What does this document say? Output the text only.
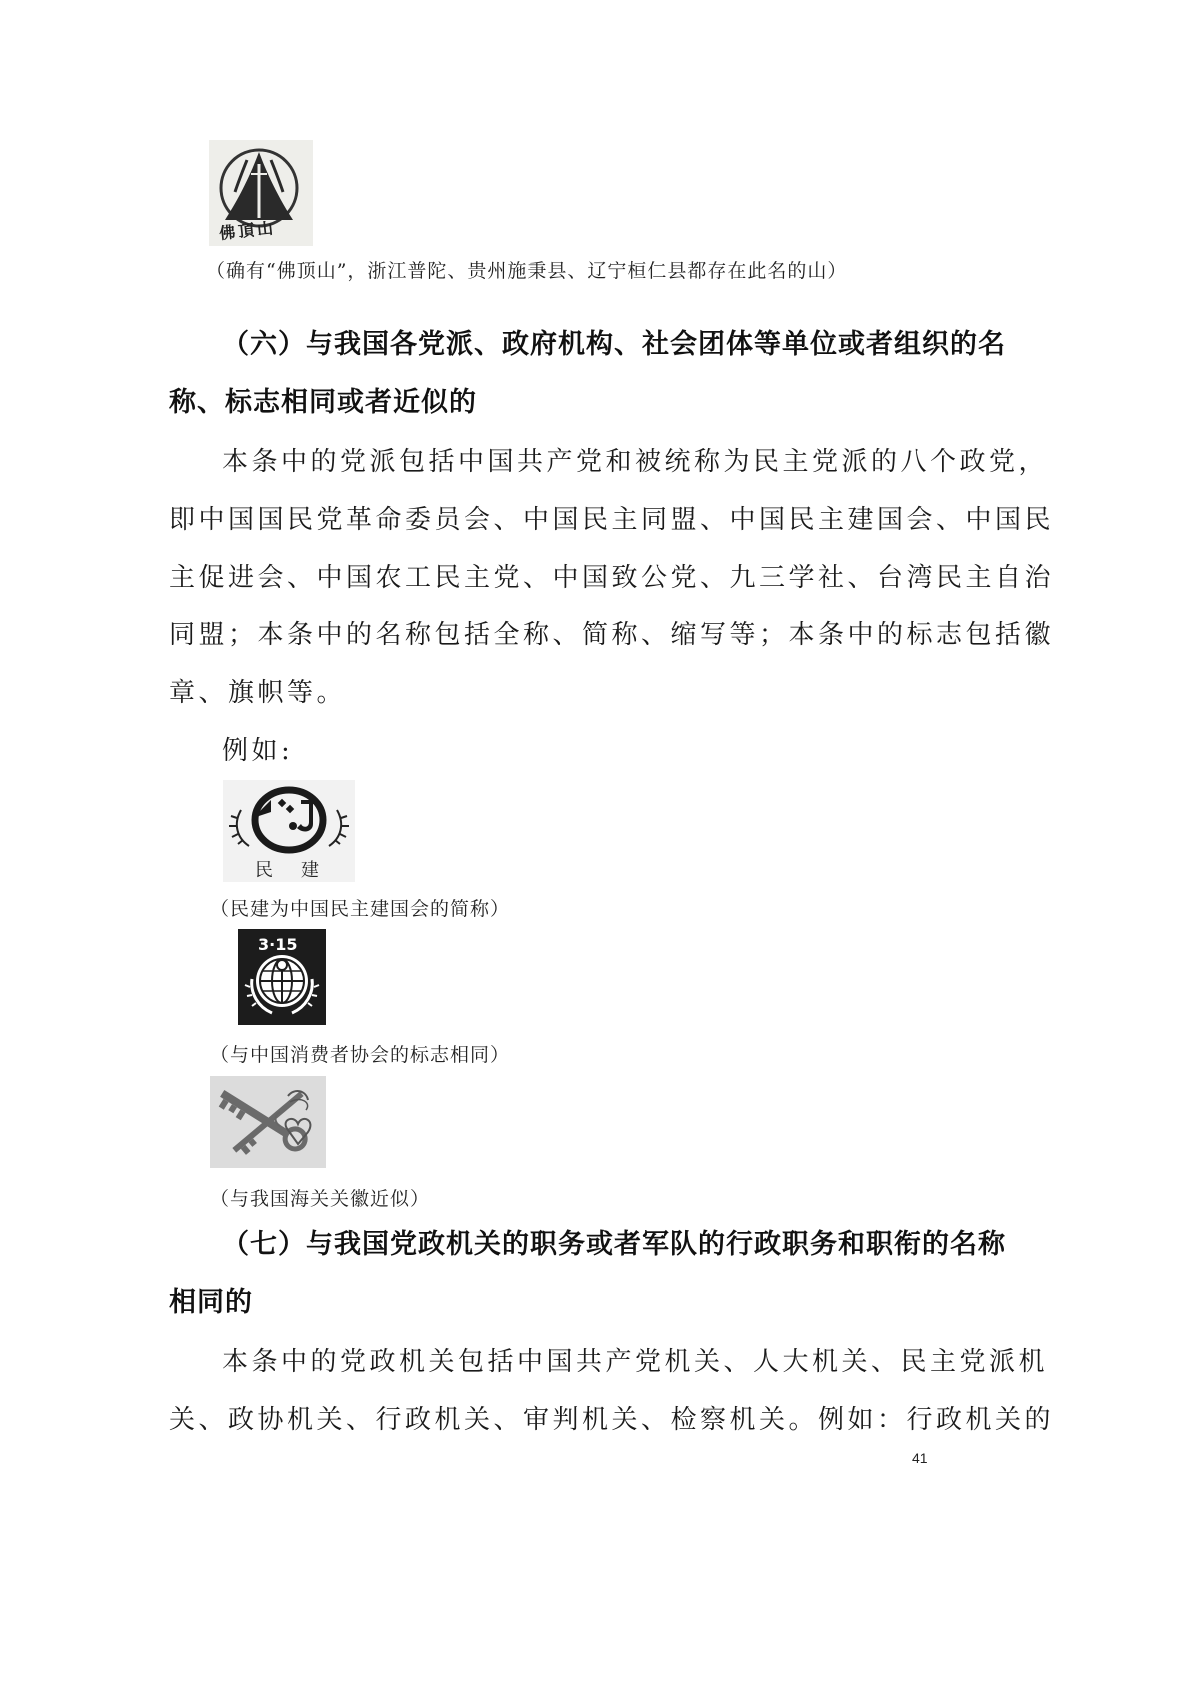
佛頂山
（确有“佛顶山”，浙江普陀、贵州施秉县、辽宁桓仁县都存在此名的山）
（六）与我国各党派、政府机构、社会团体等单位或者组织的名
称、标志相同或者近似的
本条中的党派包括中国共产党和被统称为民主党派的八个政党，
即中国国民党革命委员会、中国民主同盟、中国民主建国会、中国民
主促进会、中国农工民主党、中国致公党、九三学社、台湾民主自治
同盟；本条中的名称包括全称、简称、缩写等；本条中的标志包括徽
章、旗帜等。
例如:
民建
（民建为中国民主建国会的简称）
3·15
（与中国消费者协会的标志相同）
（与我国海关关徽近似）
（七）与我国党政机关的职务或者军队的行政职务和职衔的名称
相同的
本条中的党政机关包括中国共产党机关、人大机关、民主党派机
关、政协机关、行政机关、审判机关、检察机关。例如：行政机关的
41
